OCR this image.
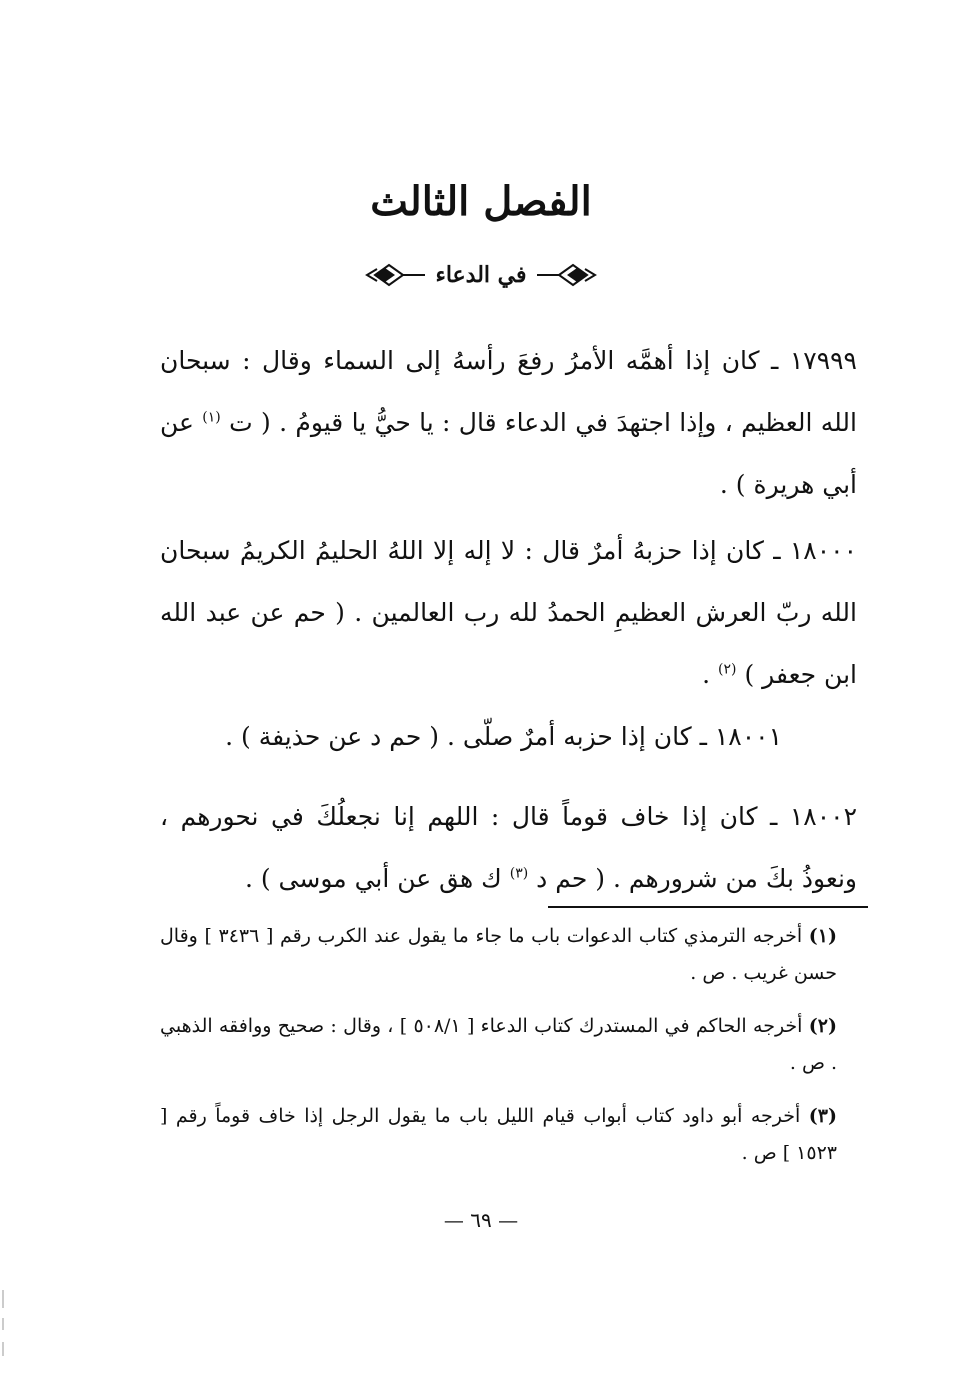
الفصل الثالث
في الدعاء
١٧٩٩٩ ـ كان إذا أهمَّه الأمرُ رفعَ رأسهُ إلى السماء وقال : سبحان الله العظيم ، وإذا اجتهدَ في الدعاء قال : يا حيُّ يا قيومُ . ( ت $^{(١)}$ عن أبي هريرة ) .
١٨٠٠٠ ـ كان إذا حزبهُ أمرٌ قال : لا إله إلا اللهُ الحليمُ الكريمُ سبحان الله ربّ العرش العظيمِ الحمدُ لله رب العالمين . ( حم عن عبد الله ابن جعفر ) $^{(٢)}$ .
١٨٠٠١ ـ كان إذا حزبه أمرٌ صلّى . ( حم د عن حذيفة ) .
١٨٠٠٢ ـ كان إذا خاف قوماً قال : اللهم إنا نجعلُكَ في نحورهم ، ونعوذُ بكَ من شرورهم . ( حم د $^{(٣)}$ ك هق عن أبي موسى ) .
(١) أخرجه الترمذي كتاب الدعوات باب ما جاء ما يقول عند الكرب رقم [ ٣٤٣٦ ] وقال حسن غريب . ص .
(٢) أخرجه الحاكم في المستدرك كتاب الدعاء [ ٥٠٨/١ ] ، وقال : صحيح ووافقه الذهبي . ص .
(٣) أخرجه أبو داود كتاب أبواب قيام الليل باب ما يقول الرجل إذا خاف قوماً رقم [ ١٥٢٣ ] ص .
— ٦٩ —
